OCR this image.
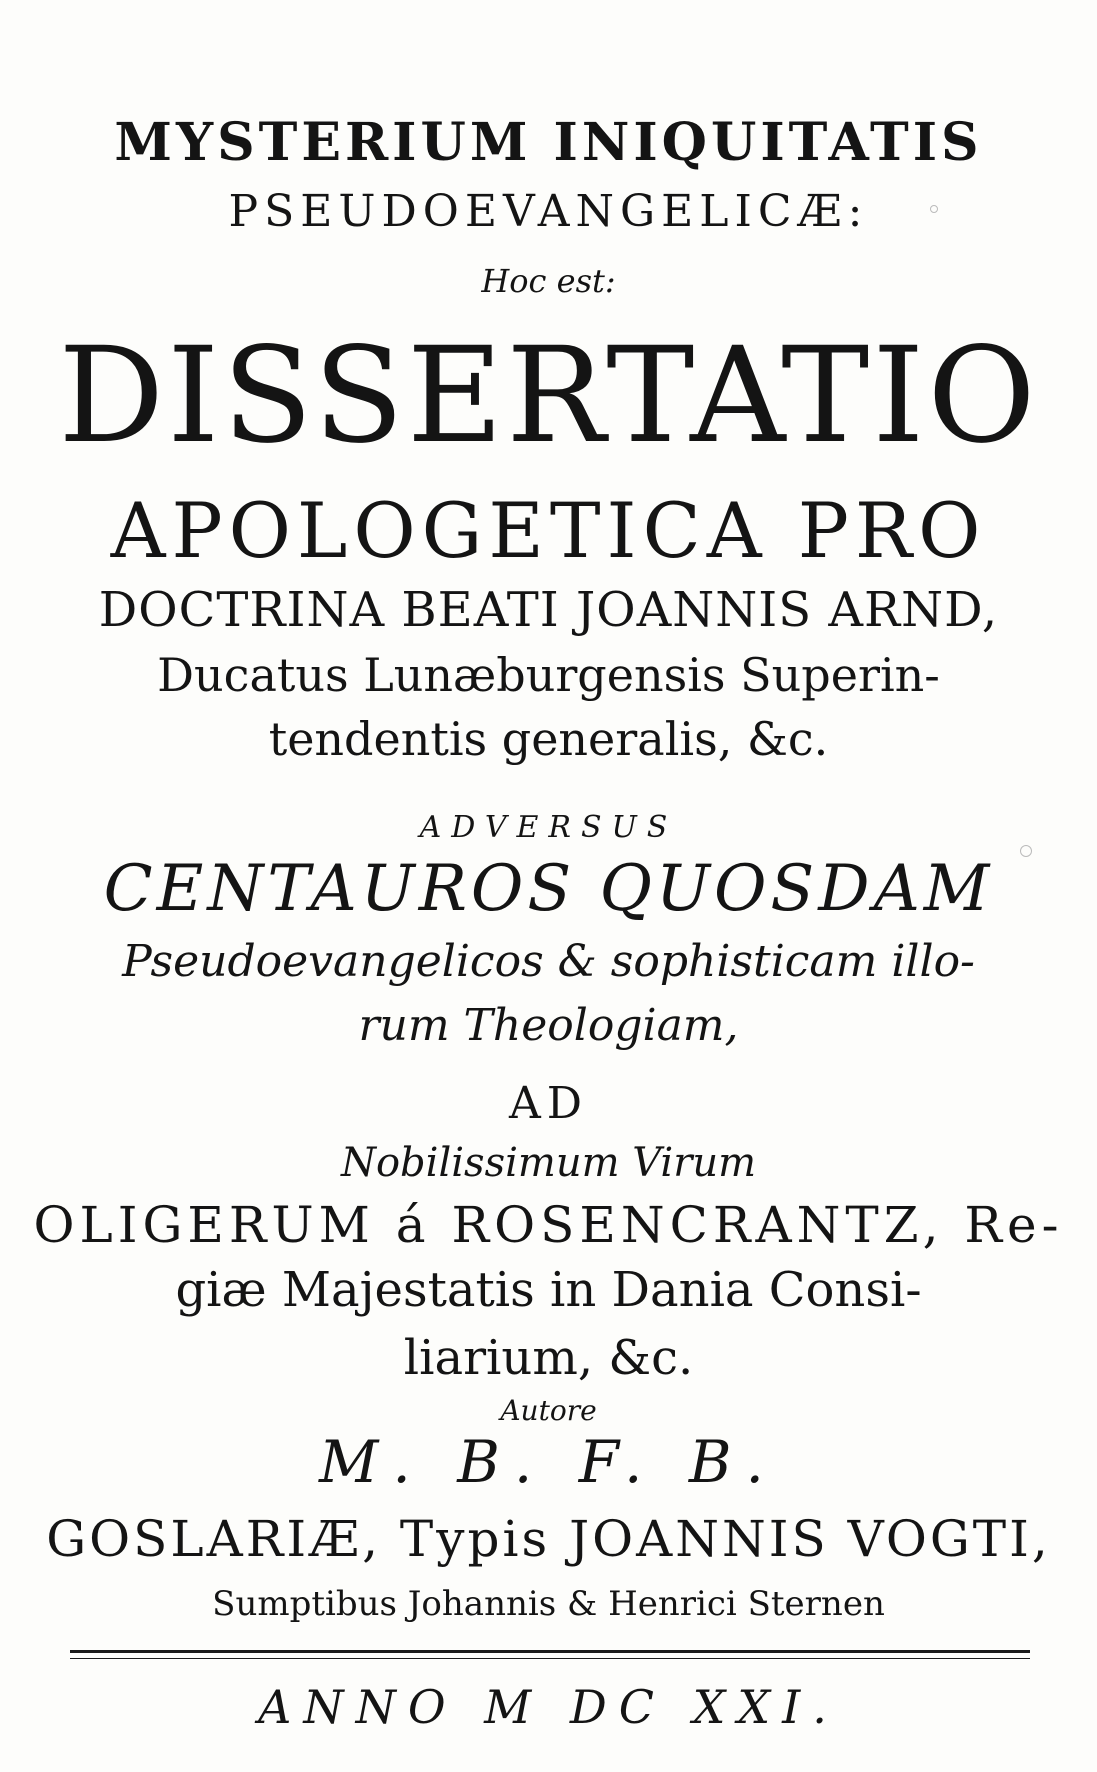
MYSTERIUM INIQUITATIS
PSEUDOEVANGELICÆ:
Hoc est:
DISSERTATIO
APOLOGETICA PRO
DOCTRINA BEATI JOANNIS ARND,
Ducatus Lunæburgensis Superin-
tendentis generalis, &c.
ADVERSUS
CENTAUROS QUOSDAM
Pseudoevangelicos & sophisticam illo-
rum Theologiam,
AD
Nobilissimum Virum
OLIGERUM á ROSENCRANTZ, Re-
giæ Majestatis in Dania Consi-
liarium, &c.
Autore
M. B. F. B.
GOSLARIÆ, Typis JOANNIS VOGTI,
Sumptibus Johannis & Henrici Sternen
ANNO M DC XXI.
